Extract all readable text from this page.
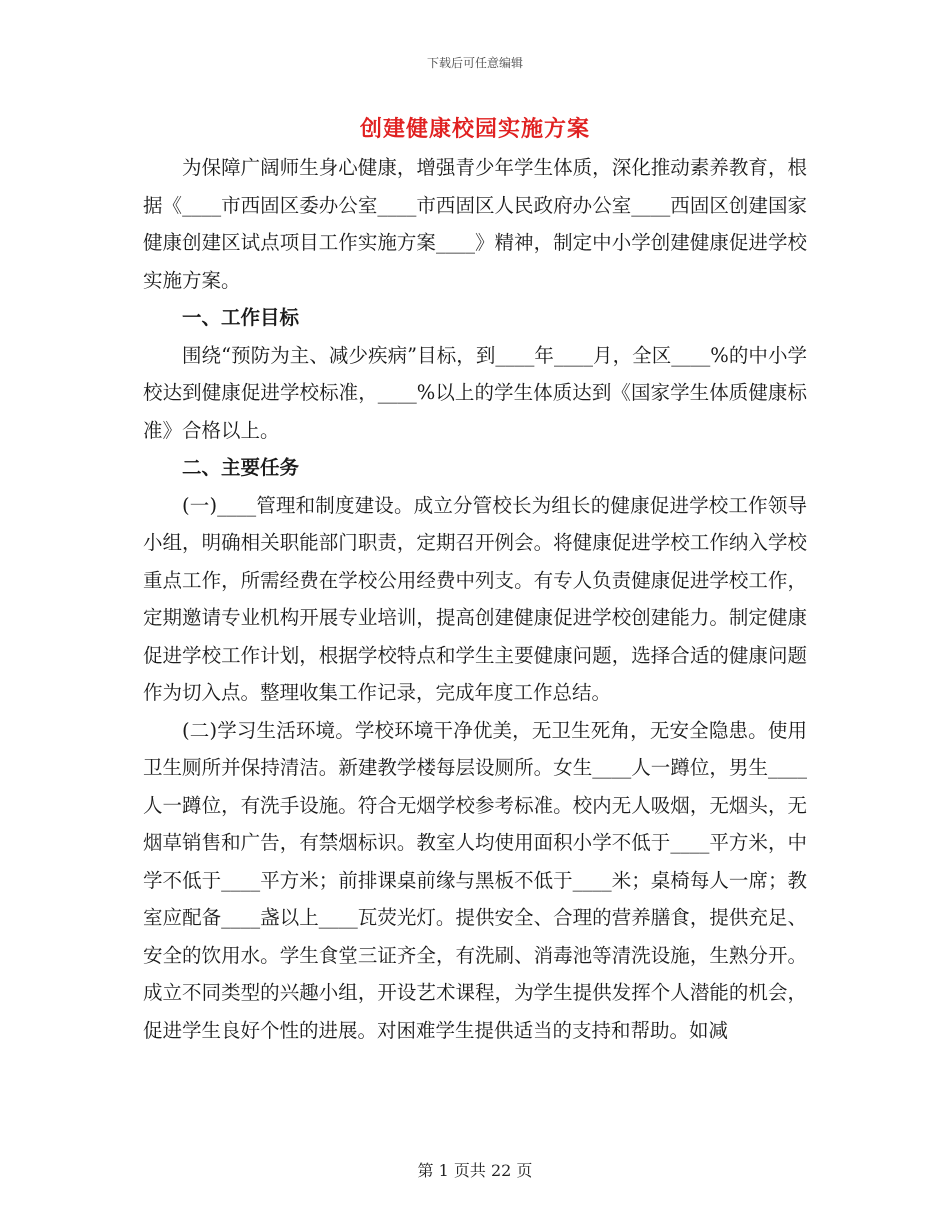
下载后可任意编辑
创建健康校园实施方案

为保障广阔师生身心健康，增强青少年学生体质，深化推动素养教育，根据《____市西固区委办公室____市西固区人民政府办公室____西固区创建国家健康创建区试点项目工作实施方案____》精神，制定中小学创建健康促进学校实施方案。

一、工作目标

围绕“预防为主、减少疾病”目标，到____年____月，全区____%的中小学校达到健康促进学校标准，____%以上的学生体质达到《国家学生体质健康标准》合格以上。

二、主要任务

(一)____管理和制度建设。成立分管校长为组长的健康促进学校工作领导小组，明确相关职能部门职责，定期召开例会。将健康促进学校工作纳入学校重点工作，所需经费在学校公用经费中列支。有专人负责健康促进学校工作，定期邀请专业机构开展专业培训，提高创建健康促进学校创建能力。制定健康促进学校工作计划，根据学校特点和学生主要健康问题，选择合适的健康问题作为切入点。整理收集工作记录，完成年度工作总结。

(二)学习生活环境。学校环境干净优美，无卫生死角，无安全隐患。使用卫生厕所并保持清洁。新建教学楼每层设厕所。女生____人一蹲位，男生____人一蹲位，有洗手设施。符合无烟学校参考标准。校内无人吸烟，无烟头，无烟草销售和广告，有禁烟标识。教室人均使用面积小学不低于____平方米，中学不低于____平方米；前排课桌前缘与黑板不低于____米；桌椅每人一席；教室应配备____盏以上____瓦荧光灯。提供安全、合理的营养膳食，提供充足、安全的饮用水。学生食堂三证齐全，有洗刷、消毒池等清洗设施，生熟分开。成立不同类型的兴趣小组，开设艺术课程，为学生提供发挥个人潜能的机会，促进学生良好个性的进展。对困难学生提供适当的支持和帮助。如减

第 1 页共 22 页
